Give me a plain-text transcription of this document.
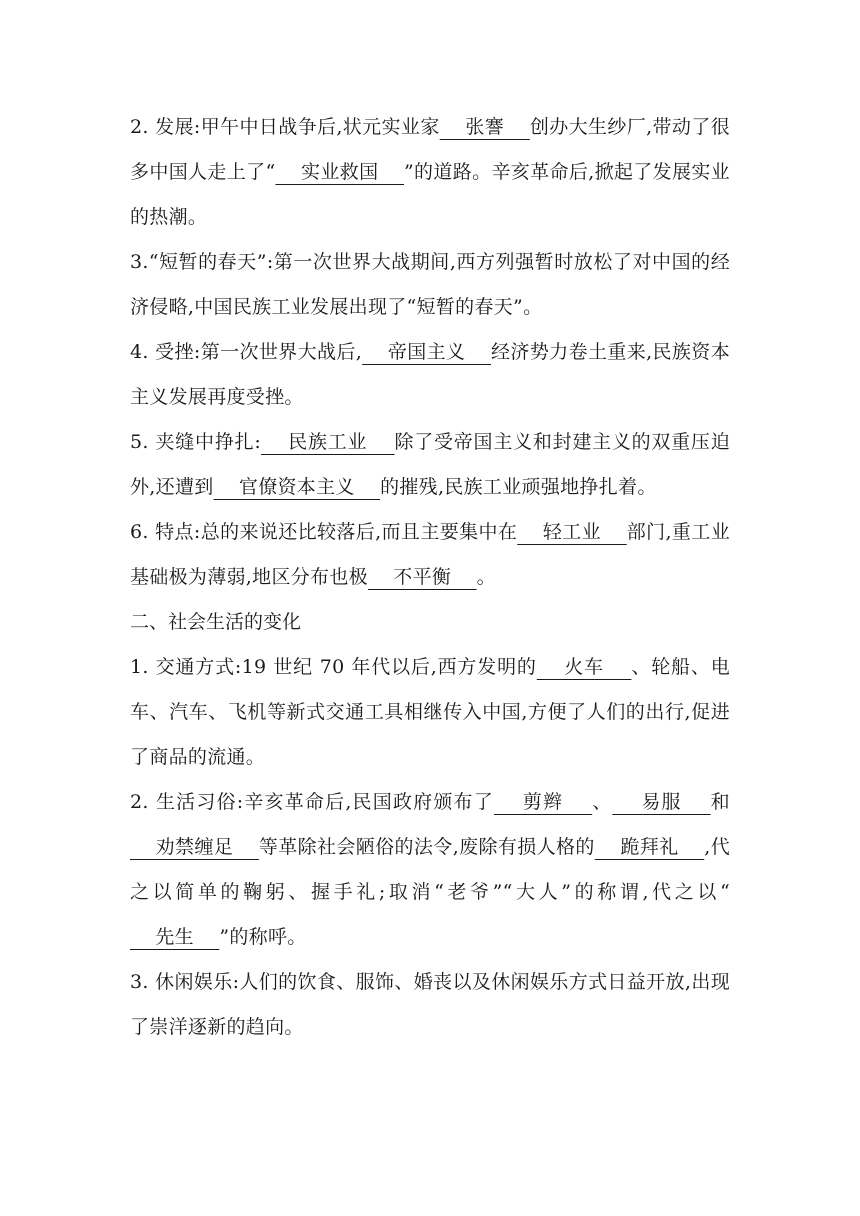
2. 发展:甲午中日战争后,状元实业家    张謇    创办大生纱厂,带动了很多中国人走上了“    实业救国    ”的道路。辛亥革命后,掀起了发展实业的热潮。

3.“短暂的春天”:第一次世界大战期间,西方列强暂时放松了对中国的经济侵略,中国民族工业发展出现了“短暂的春天”。

4. 受挫:第一次世界大战后,    帝国主义    经济势力卷土重来,民族资本主义发展再度受挫。

5. 夹缝中挣扎:    民族工业    除了受帝国主义和封建主义的双重压迫外,还遭到    官僚资本主义    的摧残,民族工业顽强地挣扎着。

6. 特点:总的来说还比较落后,而且主要集中在    轻工业    部门,重工业基础极为薄弱,地区分布也极    不平衡    。

二、社会生活的变化

1. 交通方式:19 世纪 70 年代以后,西方发明的    火车    、轮船、电车、汽车、飞机等新式交通工具相继传入中国,方便了人们的出行,促进了商品的流通。

2. 生活习俗:辛亥革命后,民国政府颁布了    剪辫    、    易服    和    劝禁缠足    等革除社会陋俗的法令,废除有损人格的    跪拜礼    ,代之以简单的鞠躬、握手礼;取消“老爷”“大人”的称谓,代之以“    先生    ”的称呼。

3. 休闲娱乐:人们的饮食、服饰、婚丧以及休闲娱乐方式日益开放,出现了崇洋逐新的趋向。
